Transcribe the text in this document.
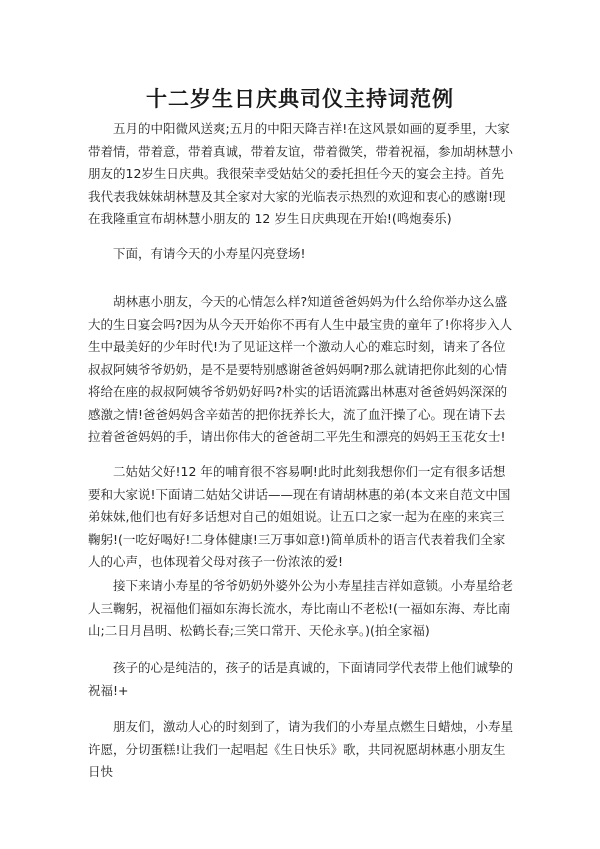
十二岁生日庆典司仪主持词范例

五月的中阳微风送爽;五月的中阳天降吉祥!在这风景如画的夏季里，大家带着情，带着意，带着真诚，带着友谊，带着微笑，带着祝福，参加胡林慧小朋友的12岁生日庆典。我很荣幸受姑姑父的委托担任今天的宴会主持。首先我代表我妹妹胡林慧及其全家对大家的光临表示热烈的欢迎和衷心的感谢!现在我隆重宣布胡林慧小朋友的 12 岁生日庆典现在开始!(鸣炮奏乐)

下面，有请今天的小寿星闪亮登场!

胡林惠小朋友，今天的心情怎么样?知道爸爸妈妈为什么给你举办这么盛大的生日宴会吗?因为从今天开始你不再有人生中最宝贵的童年了!你将步入人生中最美好的少年时代!为了见证这样一个激动人心的难忘时刻，请来了各位叔叔阿姨爷爷奶奶，是不是要特别感谢爸爸妈妈啊?那么就请把你此刻的心情将给在座的叔叔阿姨爷爷奶奶好吗?朴实的话语流露出林惠对爸爸妈妈深深的感激之情!爸爸妈妈含辛茹苦的把你抚养长大，流了血汗操了心。现在请下去拉着爸爸妈妈的手，请出你伟大的爸爸胡二平先生和漂亮的妈妈王玉花女士!

二姑姑父好!12 年的哺育很不容易啊!此时此刻我想你们一定有很多话想要和大家说!下面请二姑姑父讲话——现在有请胡林惠的弟(本文来自范文中国弟妹妹,他们也有好多话想对自己的姐姐说。让五口之家一起为在座的来宾三鞠躬!(一吃好喝好!二身体健康!三万事如意!)简单质朴的语言代表着我们全家人的心声，也体现着父母对孩子一份浓浓的爱!

接下来请小寿星的爷爷奶奶外婆外公为小寿星挂吉祥如意锁。小寿星给老人三鞠躬，祝福他们福如东海长流水，寿比南山不老松!(一福如东海、寿比南山;二日月昌明、松鹤长春;三笑口常开、天伦永享。)(拍全家福)

孩子的心是纯洁的，孩子的话是真诚的，下面请同学代表带上他们诚挚的祝福!+

朋友们，激动人心的时刻到了，请为我们的小寿星点燃生日蜡烛，小寿星许愿，分切蛋糕!让我们一起唱起《生日快乐》歌，共同祝愿胡林惠小朋友生日快
